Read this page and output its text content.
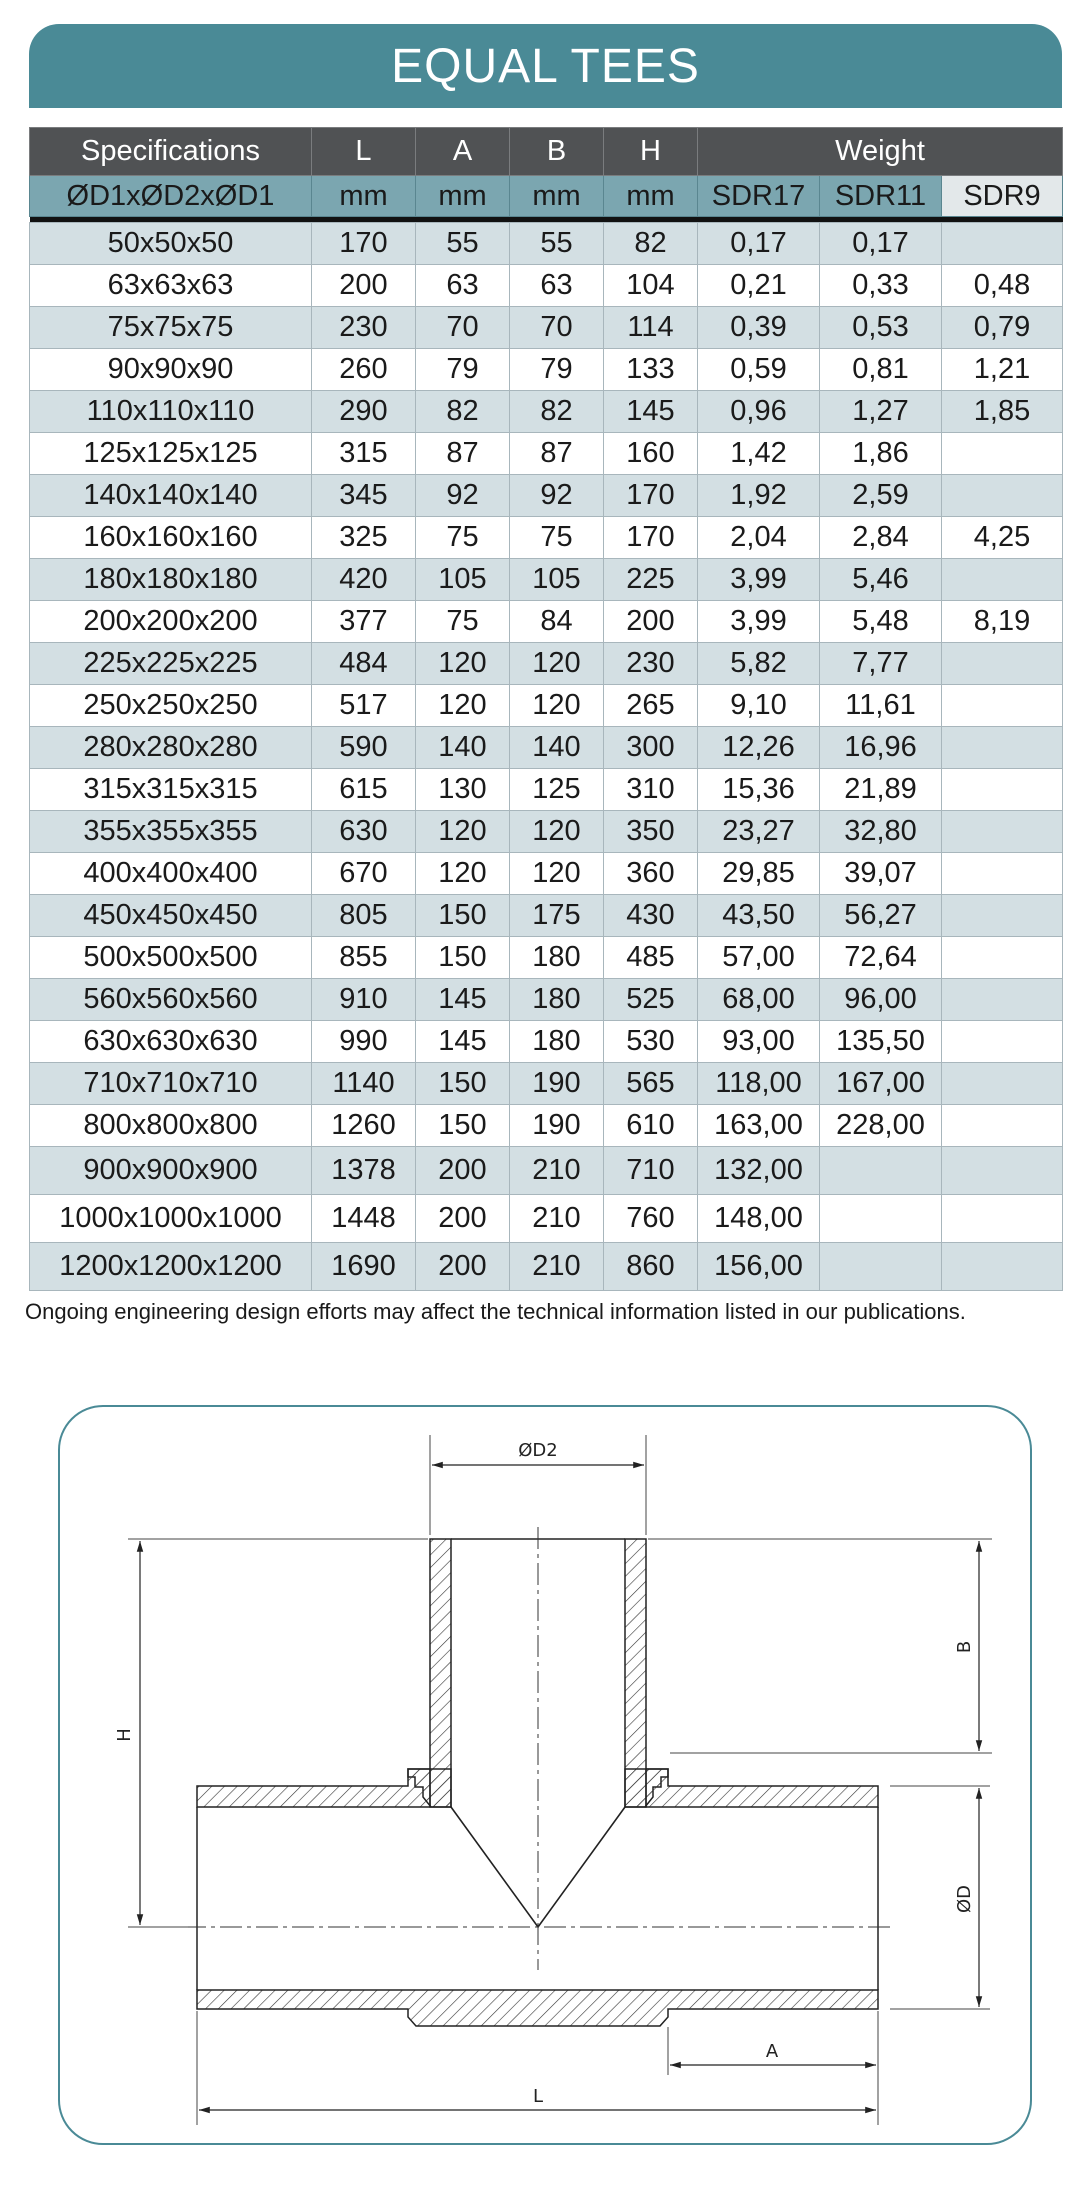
EQUAL TEES
Specifications	L	A	B	H	Weight		
ØD1xØD2xØD1	mm	mm	mm	mm	SDR17	SDR11	SDR9

50x50x50	170	55	55	82	0,17	0,17	
63x63x63	200	63	63	104	0,21	0,33	0,48
75x75x75	230	70	70	114	0,39	0,53	0,79
90x90x90	260	79	79	133	0,59	0,81	1,21
110x110x110	290	82	82	145	0,96	1,27	1,85
125x125x125	315	87	87	160	1,42	1,86	
140x140x140	345	92	92	170	1,92	2,59	
160x160x160	325	75	75	170	2,04	2,84	4,25
180x180x180	420	105	105	225	3,99	5,46	
200x200x200	377	75	84	200	3,99	5,48	8,19
225x225x225	484	120	120	230	5,82	7,77	
250x250x250	517	120	120	265	9,10	11,61	
280x280x280	590	140	140	300	12,26	16,96	
315x315x315	615	130	125	310	15,36	21,89	
355x355x355	630	120	120	350	23,27	32,80	
400x400x400	670	120	120	360	29,85	39,07	
450x450x450	805	150	175	430	43,50	56,27	
500x500x500	855	150	180	485	57,00	72,64	
560x560x560	910	145	180	525	68,00	96,00	
630x630x630	990	145	180	530	93,00	135,50	
710x710x710	1140	150	190	565	118,00	167,00	
800x800x800	1260	150	190	610	163,00	228,00	
900x900x900	1378	200	210	710	132,00		
1000x1000x1000	1448	200	210	760	148,00		
1200x1200x1200	1690	200	210	860	156,00		
Ongoing engineering design efforts may affect the technical information listed in our publications.
ØD2
H
B
ØD
A
L
